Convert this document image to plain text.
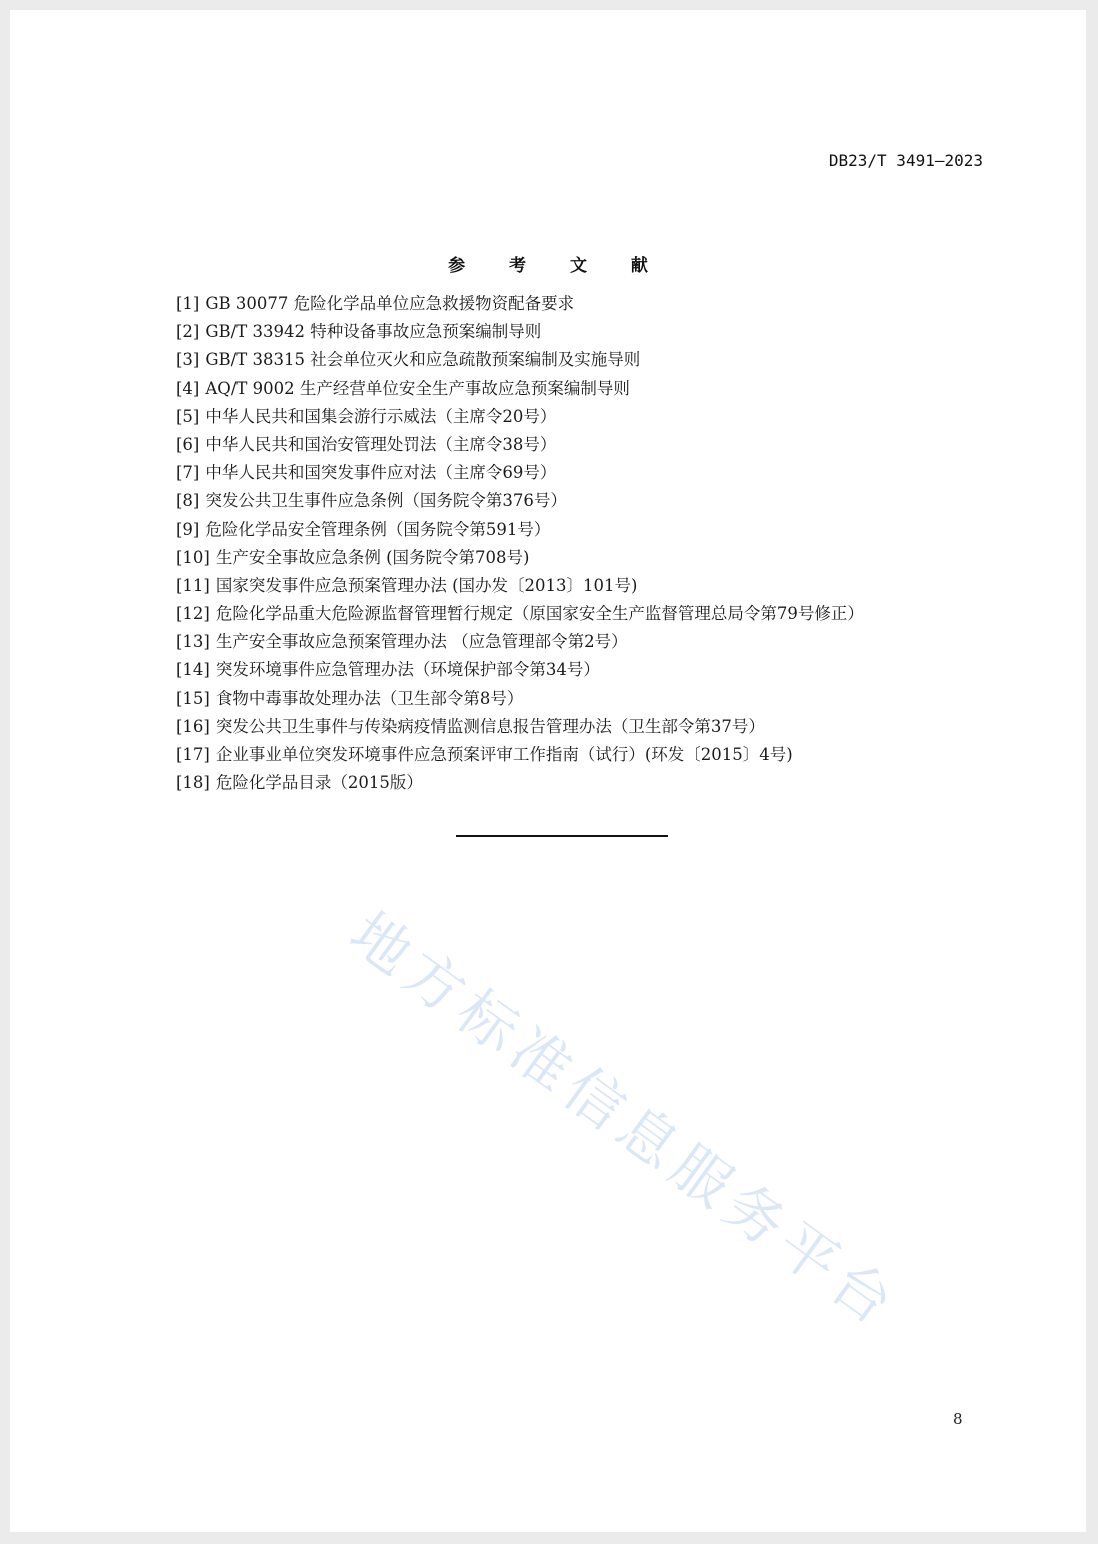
DB23/T 3491—2023
参 考 文 献
[1] GB 30077 危险化学品单位应急救援物资配备要求
[2] GB/T 33942 特种设备事故应急预案编制导则
[3] GB/T 38315 社会单位灭火和应急疏散预案编制及实施导则
[4] AQ/T 9002 生产经营单位安全生产事故应急预案编制导则
[5] 中华人民共和国集会游行示威法（主席令20号）
[6] 中华人民共和国治安管理处罚法（主席令38号）
[7] 中华人民共和国突发事件应对法（主席令69号）
[8] 突发公共卫生事件应急条例（国务院令第376号）
[9] 危险化学品安全管理条例（国务院令第591号）
[10] 生产安全事故应急条例 (国务院令第708号)
[11] 国家突发事件应急预案管理办法 (国办发〔2013〕101号)
[12] 危险化学品重大危险源监督管理暂行规定（原国家安全生产监督管理总局令第79号修正）
[13] 生产安全事故应急预案管理办法 （应急管理部令第2号）
[14] 突发环境事件应急管理办法（环境保护部令第34号）
[15] 食物中毒事故处理办法（卫生部令第8号）
[16] 突发公共卫生事件与传染病疫情监测信息报告管理办法（卫生部令第37号）
[17] 企业事业单位突发环境事件应急预案评审工作指南（试行）(环发〔2015〕4号)
[18] 危险化学品目录（2015版）
地方标准信息服务平台
8
